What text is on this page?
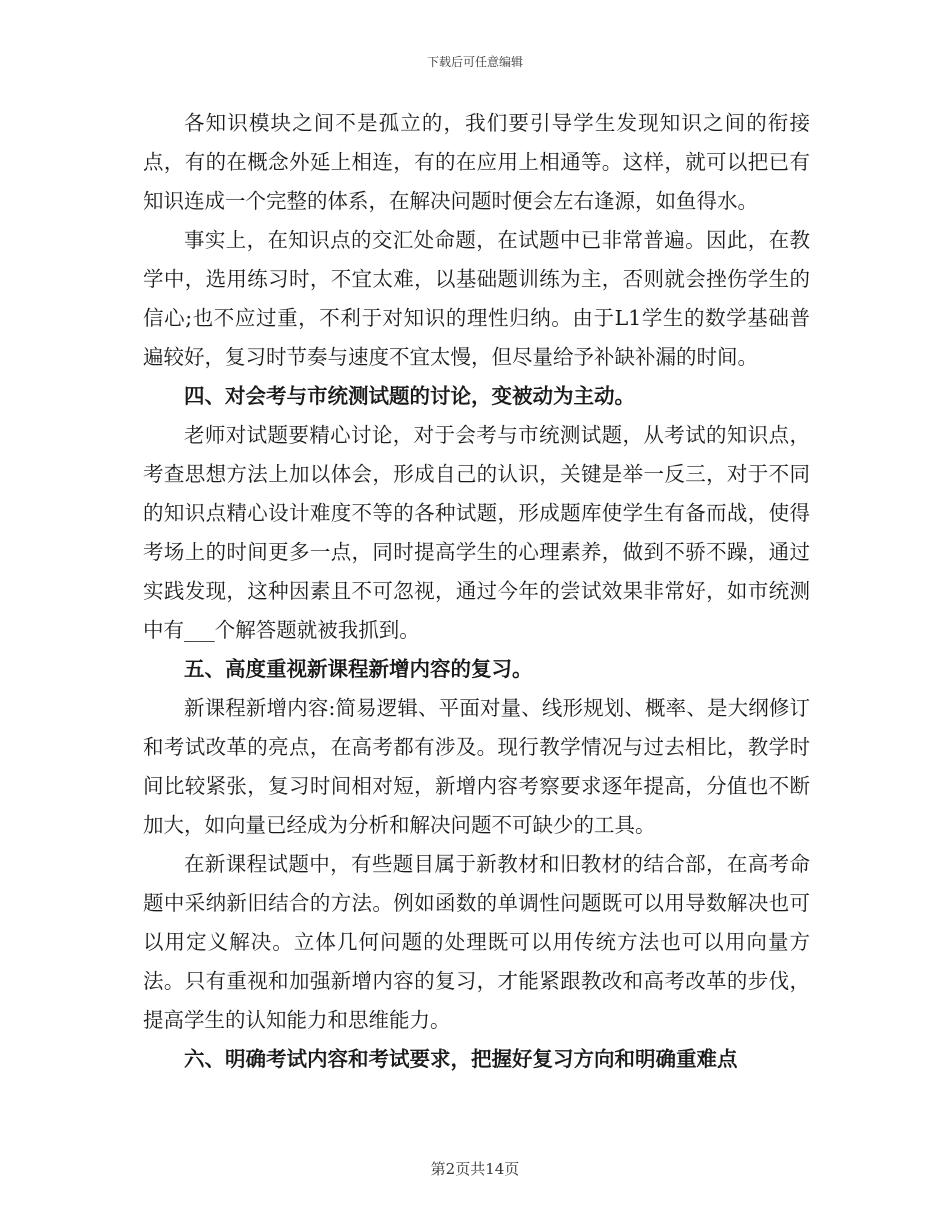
下载后可任意编辑

各知识模块之间不是孤立的，我们要引导学生发现知识之间的衔接点，有的在概念外延上相连，有的在应用上相通等。这样，就可以把已有知识连成一个完整的体系，在解决问题时便会左右逢源，如鱼得水。

事实上，在知识点的交汇处命题，在试题中已非常普遍。因此，在教学中，选用练习时，不宜太难，以基础题训练为主，否则就会挫伤学生的信心;也不应过重，不利于对知识的理性归纳。由于L1学生的数学基础普遍较好，复习时节奏与速度不宜太慢，但尽量给予补缺补漏的时间。

四、对会考与市统测试题的讨论，变被动为主动。

老师对试题要精心讨论，对于会考与市统测试题，从考试的知识点，考查思想方法上加以体会，形成自己的认识，关键是举一反三，对于不同的知识点精心设计难度不等的各种试题，形成题库使学生有备而战，使得考场上的时间更多一点，同时提高学生的心理素养，做到不骄不躁，通过实践发现，这种因素且不可忽视，通过今年的尝试效果非常好，如市统测中有___个解答题就被我抓到。

五、高度重视新课程新增内容的复习。

新课程新增内容:简易逻辑、平面对量、线形规划、概率、是大纲修订和考试改革的亮点，在高考都有涉及。现行教学情况与过去相比，教学时间比较紧张，复习时间相对短，新增内容考察要求逐年提高，分值也不断加大，如向量已经成为分析和解决问题不可缺少的工具。

在新课程试题中，有些题目属于新教材和旧教材的结合部，在高考命题中采纳新旧结合的方法。例如函数的单调性问题既可以用导数解决也可以用定义解决。立体几何问题的处理既可以用传统方法也可以用向量方法。只有重视和加强新增内容的复习，才能紧跟教改和高考改革的步伐，提高学生的认知能力和思维能力。

六、明确考试内容和考试要求，把握好复习方向和明确重难点

第2页共14页
